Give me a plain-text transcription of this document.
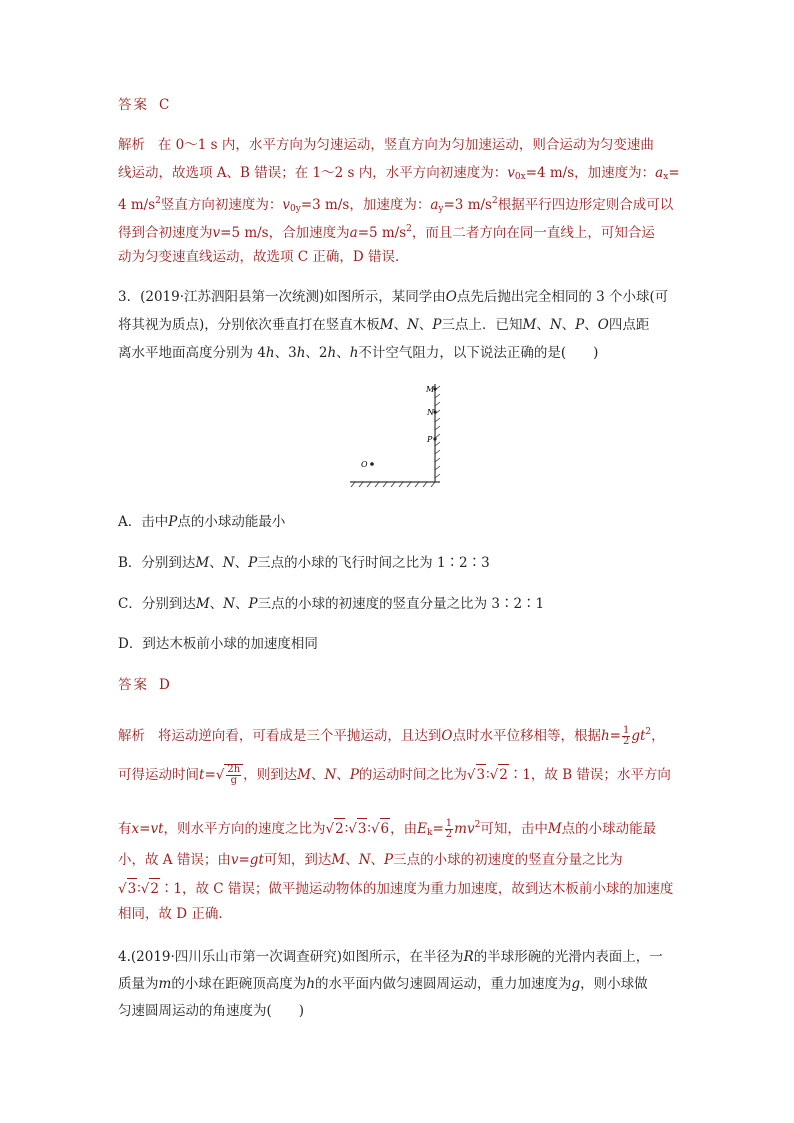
答案 C
解析 在 0～1 s 内，水平方向为匀速运动，竖直方向为匀加速运动，则合运动为匀变速曲
线运动，故选项 A、B 错误；在 1～2 s 内，水平方向初速度为：$v_{0x}=4$ m/s，加速度为：$a_x=$
4 $m/s^2$竖直方向初速度为：$v_{0y}=3$ m/s，加速度为：$a_y=3$ $m/s^2$根据平行四边形定则合成可以
得到合初速度为v=5 m/s，合加速度为a=5 $m/s^2$，而且二者方向在同一直线上，可知合运
动为匀变速直线运动，故选项 C 正确，D 错误．
3．(2019·江苏泗阳县第一次统测)如图所示，某同学由O点先后抛出完全相同的 3 个小球(可
将其视为质点)，分别依次垂直打在竖直木板M、N、P三点上．已知M、N、P、O四点距
离水平地面高度分别为 4h、3h、2h、h不计空气阻力，以下说法正确的是(　　)
M
N
P
O
A．击中P点的小球动能最小
B．分别到达M、N、P三点的小球的飞行时间之比为 1∶2∶3
C．分别到达M、N、P三点的小球的初速度的竖直分量之比为 3∶2∶1
D．到达木板前小球的加速度相同
答案 D
解析 将运动逆向看，可看成是三个平抛运动，且达到O点时水平位移相等，根据$h= \frac{1}{2} gt^2$，
可得运动时间$t=√ \frac{2h}{g}$ ，则到达M、N、P的运动时间之比为√3∶√2∶1，故 B 错误；水平方向
有x=vt，则水平方向的速度之比为√2∶√3∶√6，由$E_k= \frac{1}{2} mv^2$可知，击中M点的小球动能最
小，故 A 错误；由v=gt可知，到达M、N、P三点的小球的初速度的竖直分量之比为
√3∶√2∶1，故 C 错误；做平抛运动物体的加速度为重力加速度，故到达木板前小球的加速度
相同，故 D 正确．
4.(2019·四川乐山市第一次调查研究)如图所示，在半径为R的半球形碗的光滑内表面上，一
质量为m的小球在距碗顶高度为h的水平面内做匀速圆周运动，重力加速度为g，则小球做
匀速圆周运动的角速度为(　　)
